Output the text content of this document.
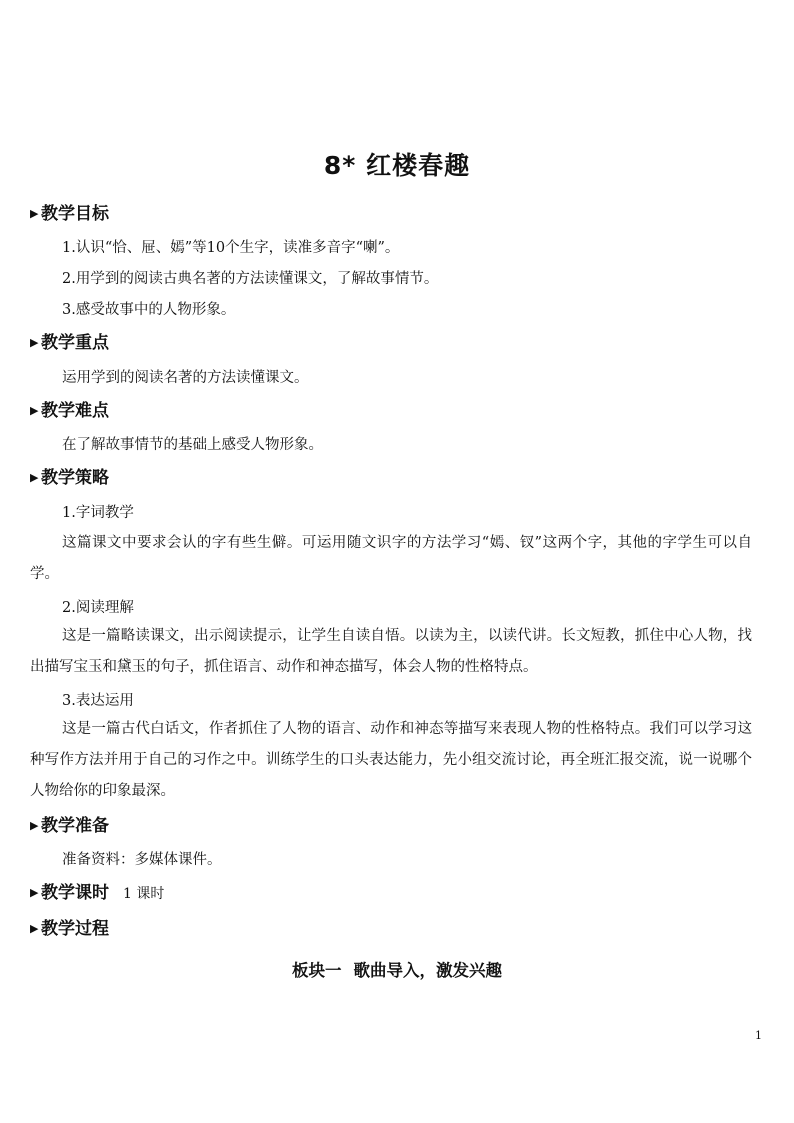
8* 红楼春趣
▶ 教学目标
1.认识“恰、屉、嫣”等10个生字，读准多音字“喇”。
2.用学到的阅读古典名著的方法读懂课文，了解故事情节。
3.感受故事中的人物形象。
▶ 教学重点
运用学到的阅读名著的方法读懂课文。
▶ 教学难点
在了解故事情节的基础上感受人物形象。
▶ 教学策略
1.字词教学
这篇课文中要求会认的字有些生僻。可运用随文识字的方法学习“嫣、钗”这两个字，其他的字学生可以自学。
2.阅读理解
这是一篇略读课文，出示阅读提示，让学生自读自悟。以读为主，以读代讲。长文短教，抓住中心人物，找出描写宝玉和黛玉的句子，抓住语言、动作和神态描写，体会人物的性格特点。
3.表达运用
这是一篇古代白话文，作者抓住了人物的语言、动作和神态等描写来表现人物的性格特点。我们可以学习这种写作方法并用于自己的习作之中。训练学生的口头表达能力，先小组交流讨论，再全班汇报交流，说一说哪个人物给你的印象最深。
▶ 教学准备
准备资料：多媒体课件。
▶ 教学课时 1 课时
▶ 教学过程
板块一 歌曲导入，激发兴趣
1
